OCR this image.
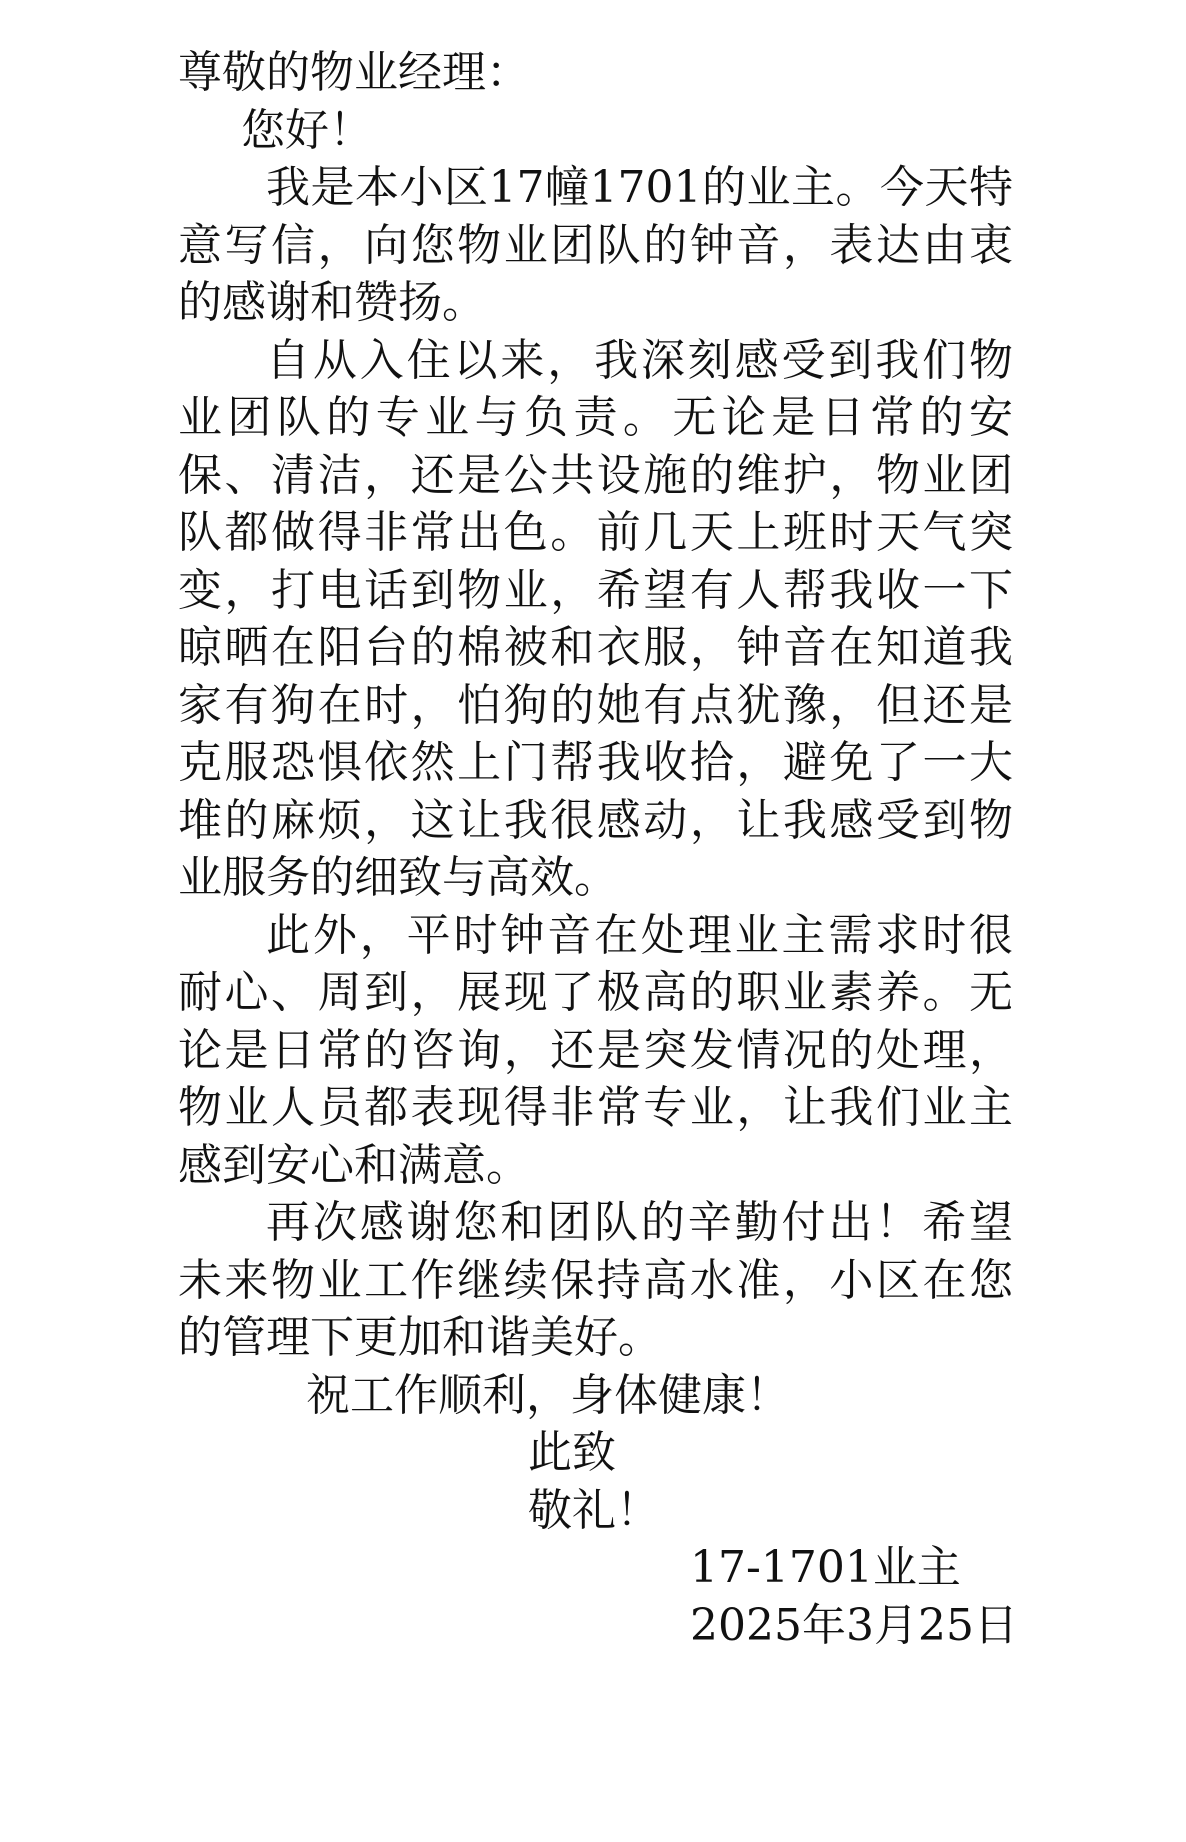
尊敬的物业经理：
您好！

我是本小区17幢1701的业主。今天特意写信，向您物业团队的钟音，表达由衷的感谢和赞扬。

自从入住以来，我深刻感受到我们物业团队的专业与负责。无论是日常的安保、清洁，还是公共设施的维护，物业团队都做得非常出色。前几天上班时天气突变，打电话到物业，希望有人帮我收一下晾晒在阳台的棉被和衣服，钟音在知道我家有狗在时，怕狗的她有点犹豫，但还是克服恐惧依然上门帮我收拾，避免了一大堆的麻烦，这让我很感动，让我感受到物业服务的细致与高效。

此外，平时钟音在处理业主需求时很耐心、周到，展现了极高的职业素养。无论是日常的咨询，还是突发情况的处理，物业人员都表现得非常专业，让我们业主感到安心和满意。

再次感谢您和团队的辛勤付出！希望未来物业工作继续保持高水准，小区在您的管理下更加和谐美好。

祝工作顺利，身体健康！
此致
敬礼！
17-1701业主
2025年3月25日
